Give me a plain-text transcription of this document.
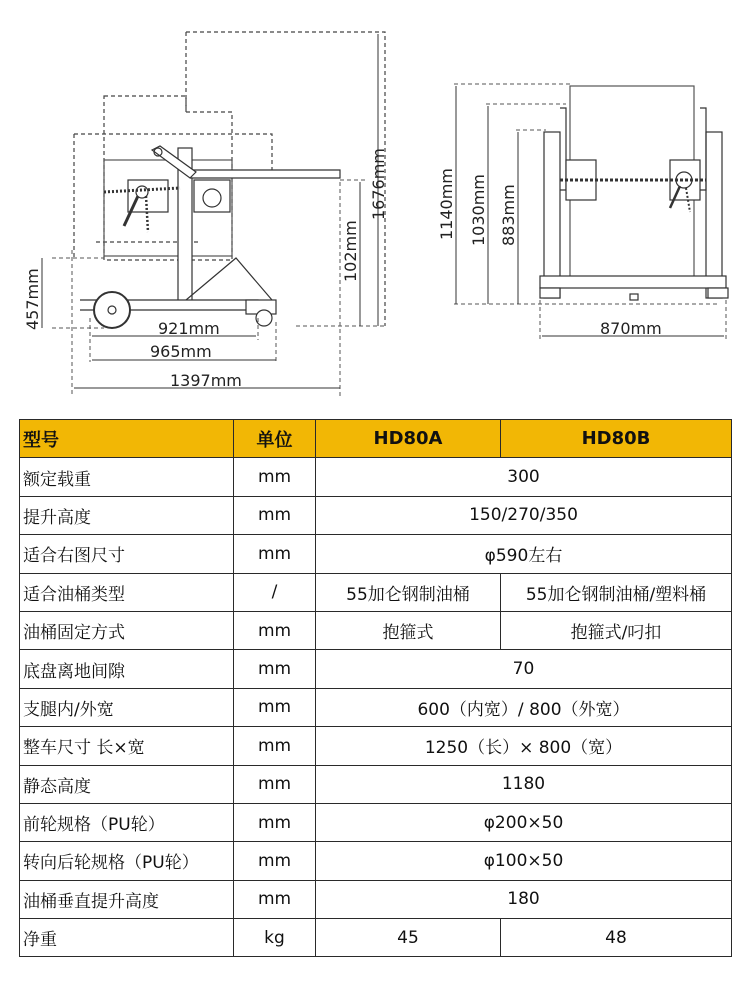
1676mm
102mm
457mm	921mm
965mm
1397mm
1140mm 1030mm 883mm
870mm
型号	单位	HD80A	HD80B
额定载重	mm	300	
提升高度	mm	150/270/350	
适合右图尺寸	mm	φ590左右	
适合油桶类型	/	55加仑钢制油桶	55加仑钢制油桶/塑料桶
油桶固定方式	mm	抱箍式	抱箍式/叼扣
底盘离地间隙	mm	70	
支腿内/外宽	mm	600（内宽）/ 800（外宽）	
整车尺寸 长×宽	mm	1250（长）× 800（宽）	
静态高度	mm	1180	
前轮规格（PU轮）	mm	φ200×50	
转向后轮规格（PU轮）	mm	φ100×50	
油桶垂直提升高度	mm	180	
净重	kg	45	48
